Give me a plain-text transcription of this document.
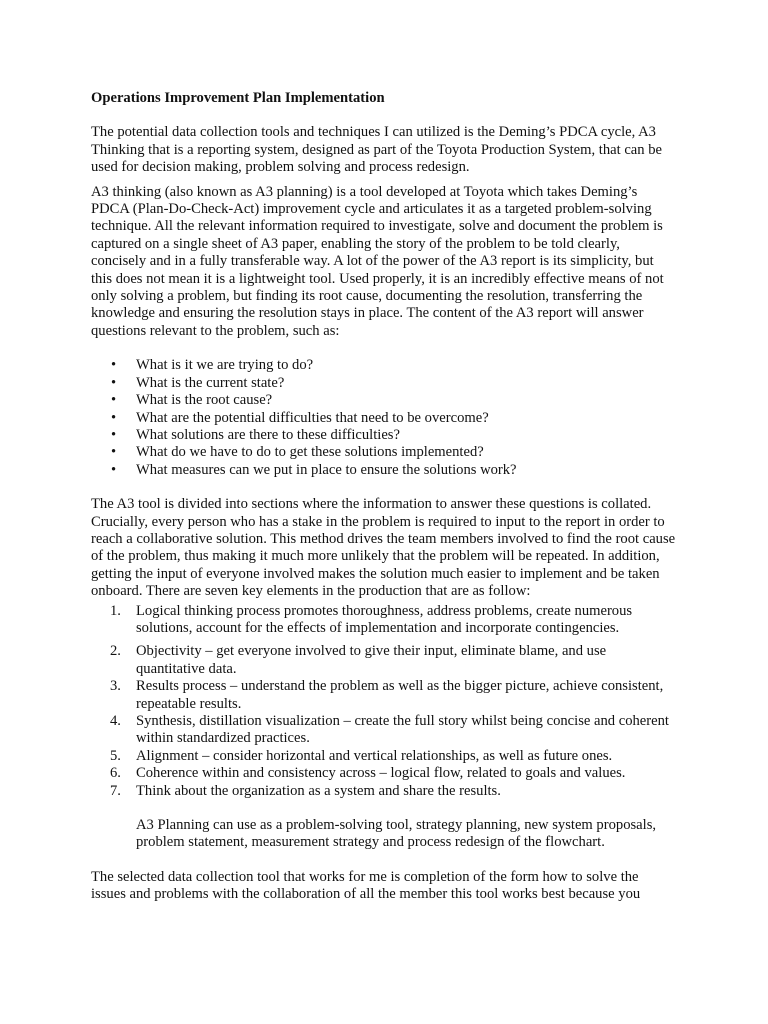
Operations Improvement Plan Implementation

The potential data collection tools and techniques I can utilized is the Deming’s PDCA cycle, A3 Thinking that is a reporting system, designed as part of the Toyota Production System, that can be used for decision making, problem solving and process redesign.

A3 thinking (also known as A3 planning) is a tool developed at Toyota which takes Deming’s PDCA (Plan-Do-Check-Act) improvement cycle and articulates it as a targeted problem-solving technique. All the relevant information required to investigate, solve and document the problem is captured on a single sheet of A3 paper, enabling the story of the problem to be told clearly, concisely and in a fully transferable way. A lot of the power of the A3 report is its simplicity, but this does not mean it is a lightweight tool. Used properly, it is an incredibly effective means of not only solving a problem, but finding its root cause, documenting the resolution, transferring the knowledge and ensuring the resolution stays in place. The content of the A3 report will answer questions relevant to the problem, such as:

• What is it we are trying to do?
• What is the current state?
• What is the root cause?
• What are the potential difficulties that need to be overcome?
• What solutions are there to these difficulties?
• What do we have to do to get these solutions implemented?
• What measures can we put in place to ensure the solutions work?

The A3 tool is divided into sections where the information to answer these questions is collated. Crucially, every person who has a stake in the problem is required to input to the report in order to reach a collaborative solution. This method drives the team members involved to find the root cause of the problem, thus making it much more unlikely that the problem will be repeated. In addition, getting the input of everyone involved makes the solution much easier to implement and be taken onboard. There are seven key elements in the production that are as follow:

1. Logical thinking process promotes thoroughness, address problems, create numerous solutions, account for the effects of implementation and incorporate contingencies.
2. Objectivity – get everyone involved to give their input, eliminate blame, and use quantitative data.
3. Results process – understand the problem as well as the bigger picture, achieve consistent, repeatable results.
4. Synthesis, distillation visualization – create the full story whilst being concise and coherent within standardized practices.
5. Alignment – consider horizontal and vertical relationships, as well as future ones.
6. Coherence within and consistency across – logical flow, related to goals and values.
7. Think about the organization as a system and share the results.

A3 Planning can use as a problem-solving tool, strategy planning, new system proposals, problem statement, measurement strategy and process redesign of the flowchart.

The selected data collection tool that works for me is completion of the form how to solve the issues and problems with the collaboration of all the member this tool works best because you
